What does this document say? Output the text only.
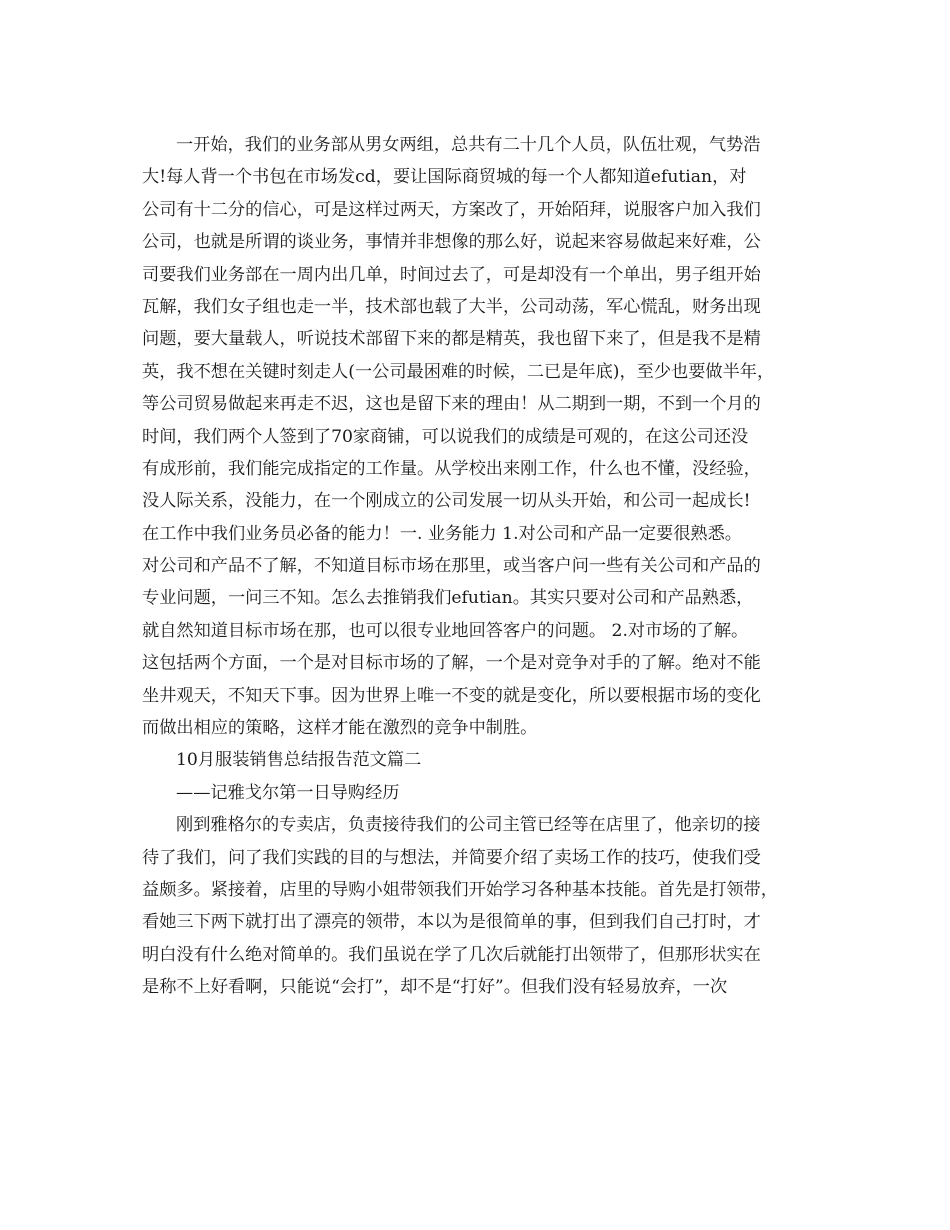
一开始，我们的业务部从男女两组，总共有二十几个人员，队伍壮观，气势浩
大!每人背一个书包在市场发cd，要让国际商贸城的每一个人都知道efutian，对
公司有十二分的信心，可是这样过两天，方案改了，开始陌拜，说服客户加入我们
公司，也就是所谓的谈业务，事情并非想像的那么好，说起来容易做起来好难，公
司要我们业务部在一周内出几单，时间过去了，可是却没有一个单出，男子组开始
瓦解，我们女子组也走一半，技术部也载了大半，公司动荡，军心慌乱，财务出现
问题，要大量载人，听说技术部留下来的都是精英，我也留下来了，但是我不是精
英，我不想在关键时刻走人(一公司最困难的时候，二已是年底)，至少也要做半年，
等公司贸易做起来再走不迟，这也是留下来的理由！从二期到一期，不到一个月的
时间，我们两个人签到了70家商铺，可以说我们的成绩是可观的，在这公司还没
有成形前，我们能完成指定的工作量。从学校出来刚工作，什么也不懂，没经验，
没人际关系，没能力，在一个刚成立的公司发展一切从头开始，和公司一起成长!
在工作中我们业务员必备的能力！一. 业务能力 1.对公司和产品一定要很熟悉。
对公司和产品不了解，不知道目标市场在那里，或当客户问一些有关公司和产品的
专业问题，一问三不知。怎么去推销我们efutian。其实只要对公司和产品熟悉，
就自然知道目标市场在那，也可以很专业地回答客户的问题。 2.对市场的了解。
这包括两个方面，一个是对目标市场的了解，一个是对竞争对手的了解。绝对不能
坐井观天，不知天下事。因为世界上唯一不变的就是变化，所以要根据市场的变化
而做出相应的策略，这样才能在激烈的竞争中制胜。
10月服装销售总结报告范文篇二
——记雅戈尔第一日导购经历
刚到雅格尔的专卖店，负责接待我们的公司主管已经等在店里了，他亲切的接
待了我们，问了我们实践的目的与想法，并简要介绍了卖场工作的技巧，使我们受
益颇多。紧接着，店里的导购小姐带领我们开始学习各种基本技能。首先是打领带，
看她三下两下就打出了漂亮的领带，本以为是很简单的事，但到我们自己打时，才
明白没有什么绝对简单的。我们虽说在学了几次后就能打出领带了，但那形状实在
是称不上好看啊，只能说“会打”，却不是“打好”。但我们没有轻易放弃，一次
